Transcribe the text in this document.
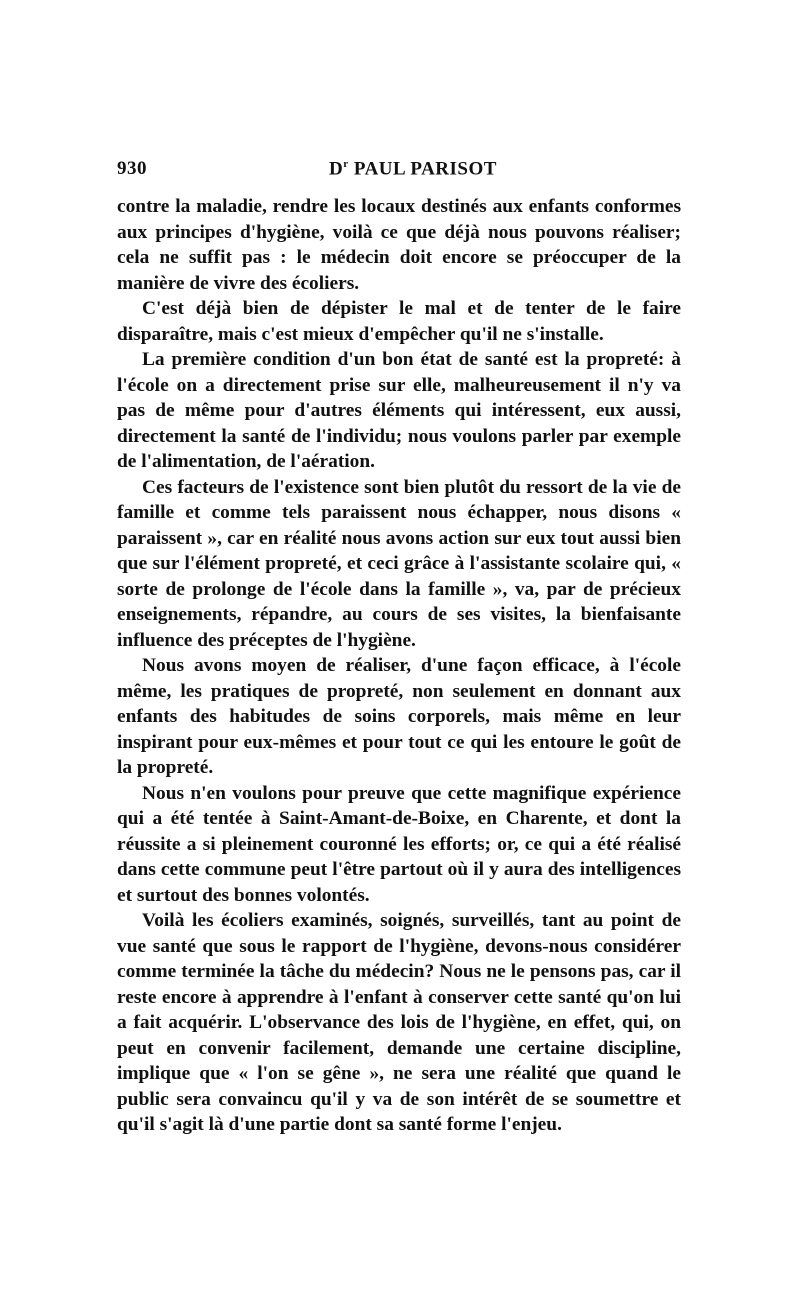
930	$D^r$ PAUL PARISOT

contre la maladie, rendre les locaux destinés aux enfants conformes aux principes d'hygiène, voilà ce que déjà nous pouvons réaliser; cela ne suffit pas : le médecin doit encore se préoccuper de la manière de vivre des écoliers.

C'est déjà bien de dépister le mal et de tenter de le faire disparaître, mais c'est mieux d'empêcher qu'il ne s'installe.

La première condition d'un bon état de santé est la propreté: à l'école on a directement prise sur elle, malheureusement il n'y va pas de même pour d'autres éléments qui intéressent, eux aussi, directement la santé de l'individu; nous voulons parler par exemple de l'alimentation, de l'aération.

Ces facteurs de l'existence sont bien plutôt du ressort de la vie de famille et comme tels paraissent nous échapper, nous disons « paraissent », car en réalité nous avons action sur eux tout aussi bien que sur l'élément propreté, et ceci grâce à l'assistante scolaire qui, « sorte de prolonge de l'école dans la famille », va, par de précieux enseignements, répandre, au cours de ses visites, la bienfaisante influence des préceptes de l'hygiène.

Nous avons moyen de réaliser, d'une façon efficace, à l'école même, les pratiques de propreté, non seulement en donnant aux enfants des habitudes de soins corporels, mais même en leur inspirant pour eux-mêmes et pour tout ce qui les entoure le goût de la propreté.

Nous n'en voulons pour preuve que cette magnifique expérience qui a été tentée à Saint-Amant-de-Boixe, en Charente, et dont la réussite a si pleinement couronné les efforts; or, ce qui a été réalisé dans cette commune peut l'être partout où il y aura des intelligences et surtout des bonnes volontés.

Voilà les écoliers examinés, soignés, surveillés, tant au point de vue santé que sous le rapport de l'hygiène, devons-nous considérer comme terminée la tâche du médecin? Nous ne le pensons pas, car il reste encore à apprendre à l'enfant à conserver cette santé qu'on lui a fait acquérir. L'observance des lois de l'hygiène, en effet, qui, on peut en convenir facilement, demande une certaine discipline, implique que « l'on se gêne », ne sera une réalité que quand le public sera convaincu qu'il y va de son intérêt de se soumettre et qu'il s'agit là d'une partie dont sa santé forme l'enjeu.
